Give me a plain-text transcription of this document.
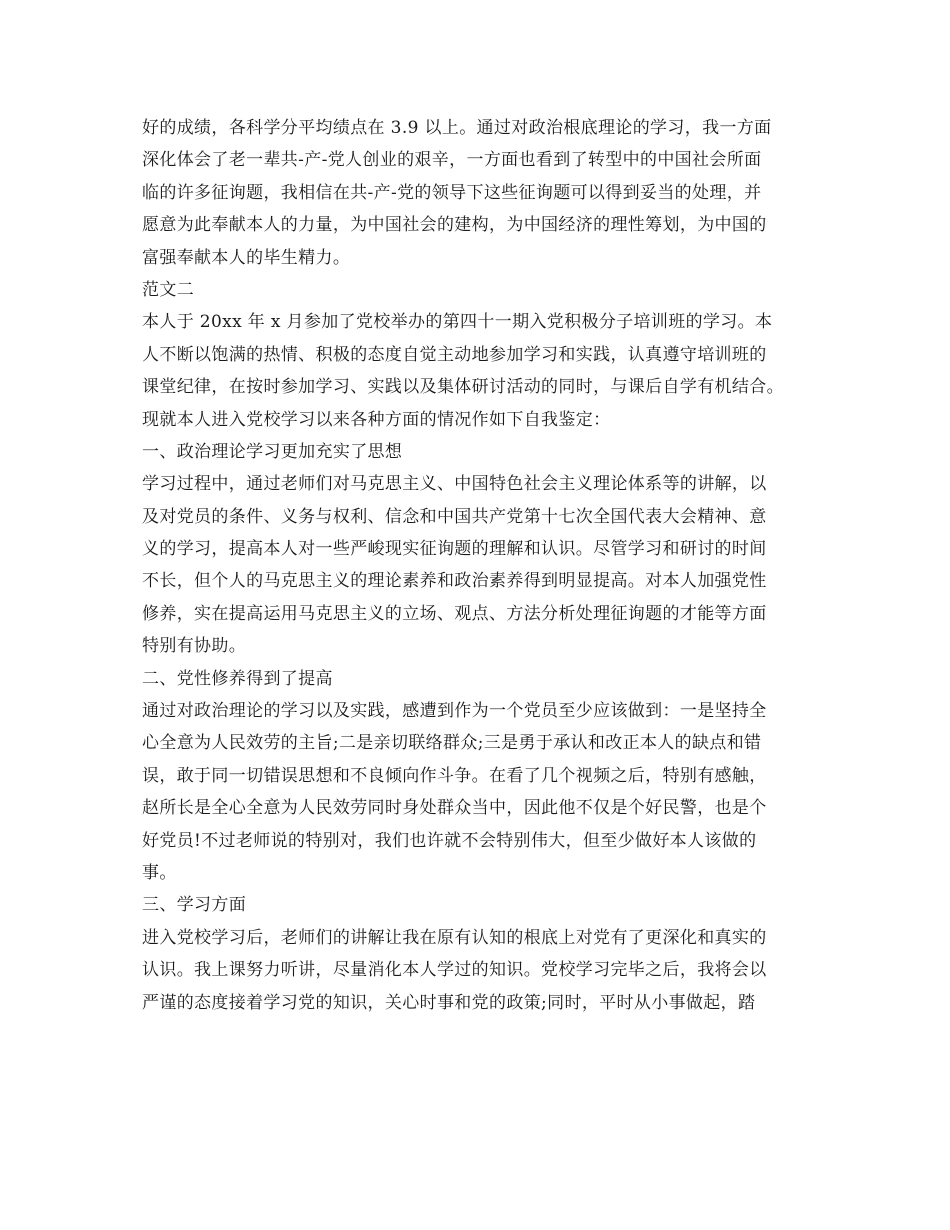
好的成绩，各科学分平均绩点在 3.9 以上。通过对政治根底理论的学习，我一方面
深化体会了老一辈共-产-党人创业的艰辛，一方面也看到了转型中的中国社会所面
临的许多征询题，我相信在共-产-党的领导下这些征询题可以得到妥当的处理，并
愿意为此奉献本人的力量，为中国社会的建构，为中国经济的理性筹划，为中国的
富强奉献本人的毕生精力。
范文二
本人于 20xx 年 x 月参加了党校举办的第四十一期入党积极分子培训班的学习。本
人不断以饱满的热情、积极的态度自觉主动地参加学习和实践，认真遵守培训班的
课堂纪律，在按时参加学习、实践以及集体研讨活动的同时，与课后自学有机结合。
现就本人进入党校学习以来各种方面的情况作如下自我鉴定：
一、政治理论学习更加充实了思想
学习过程中，通过老师们对马克思主义、中国特色社会主义理论体系等的讲解，以
及对党员的条件、义务与权利、信念和中国共产党第十七次全国代表大会精神、意
义的学习，提高本人对一些严峻现实征询题的理解和认识。尽管学习和研讨的时间
不长，但个人的马克思主义的理论素养和政治素养得到明显提高。对本人加强党性
修养，实在提高运用马克思主义的立场、观点、方法分析处理征询题的才能等方面
特别有协助。
二、党性修养得到了提高
通过对政治理论的学习以及实践，感遭到作为一个党员至少应该做到：一是坚持全
心全意为人民效劳的主旨;二是亲切联络群众;三是勇于承认和改正本人的缺点和错
误，敢于同一切错误思想和不良倾向作斗争。在看了几个视频之后，特别有感触，
赵所长是全心全意为人民效劳同时身处群众当中，因此他不仅是个好民警，也是个
好党员!不过老师说的特别对，我们也许就不会特别伟大，但至少做好本人该做的
事。
三、学习方面
进入党校学习后，老师们的讲解让我在原有认知的根底上对党有了更深化和真实的
认识。我上课努力听讲，尽量消化本人学过的知识。党校学习完毕之后，我将会以
严谨的态度接着学习党的知识，关心时事和党的政策;同时，平时从小事做起，踏
